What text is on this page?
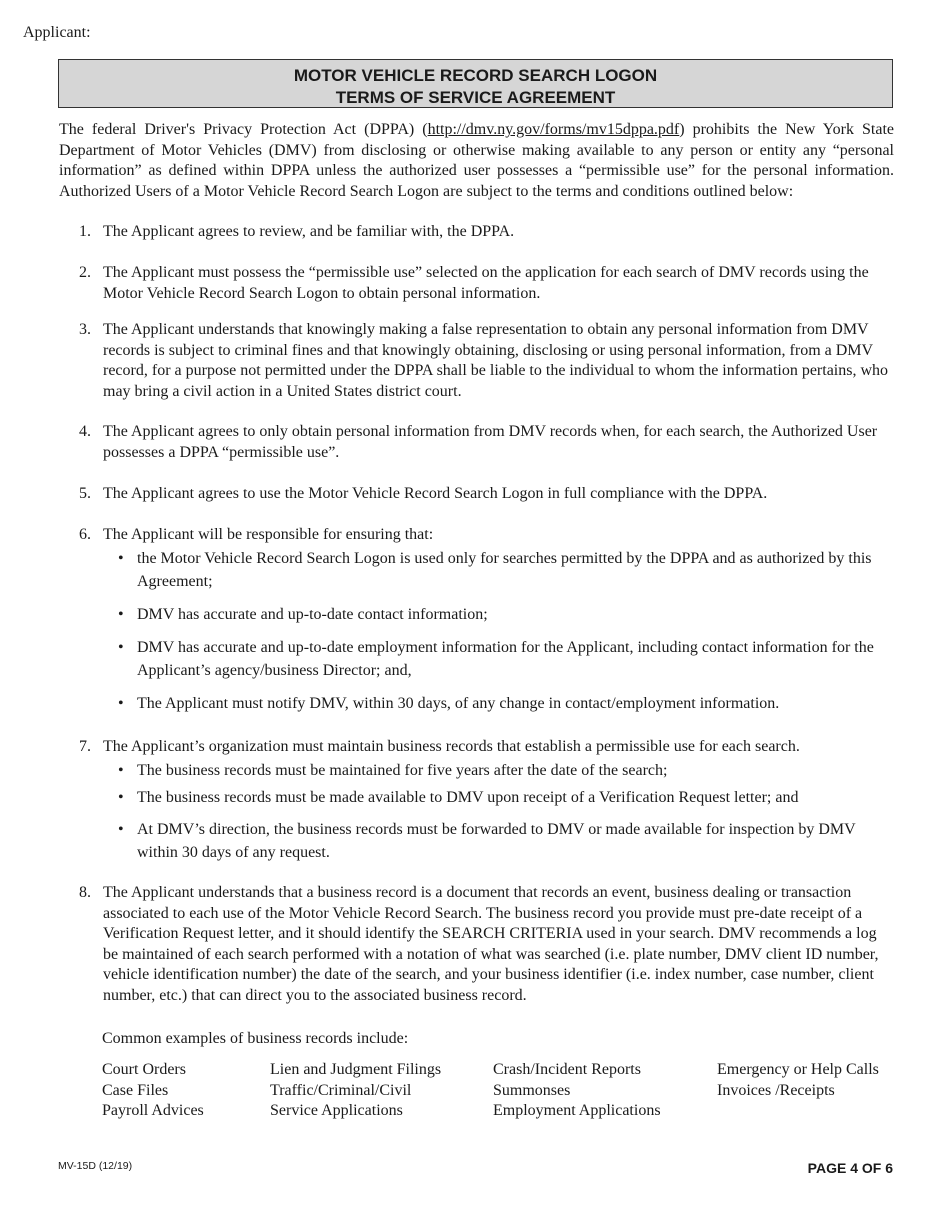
Applicant:
MOTOR VEHICLE RECORD SEARCH LOGON
TERMS OF SERVICE AGREEMENT

The federal Driver's Privacy Protection Act (DPPA) (http://dmv.ny.gov/forms/mv15dppa.pdf) prohibits the New York State Department of Motor Vehicles (DMV) from disclosing or otherwise making available to any person or entity any “personal information” as defined within DPPA unless the authorized user possesses a “permissible use” for the personal information. Authorized Users of a Motor Vehicle Record Search Logon are subject to the terms and conditions outlined below:

1. The Applicant agrees to review, and be familiar with, the DPPA.
2. The Applicant must possess the “permissible use” selected on the application for each search of DMV records using the Motor Vehicle Record Search Logon to obtain personal information.
3. The Applicant understands that knowingly making a false representation to obtain any personal information from DMV records is subject to criminal fines and that knowingly obtaining, disclosing or using personal information, from a DMV record, for a purpose not permitted under the DPPA shall be liable to the individual to whom the information pertains, who may bring a civil action in a United States district court.
4. The Applicant agrees to only obtain personal information from DMV records when, for each search, the Authorized User possesses a DPPA “permissible use”.
5. The Applicant agrees to use the Motor Vehicle Record Search Logon in full compliance with the DPPA.
6. The Applicant will be responsible for ensuring that:
• the Motor Vehicle Record Search Logon is used only for searches permitted by the DPPA and as authorized by this Agreement;
• DMV has accurate and up-to-date contact information;
• DMV has accurate and up-to-date employment information for the Applicant, including contact information for the Applicant’s agency/business Director; and,
• The Applicant must notify DMV, within 30 days, of any change in contact/employment information.
7. The Applicant’s organization must maintain business records that establish a permissible use for each search.
• The business records must be maintained for five years after the date of the search;
• The business records must be made available to DMV upon receipt of a Verification Request letter; and
• At DMV’s direction, the business records must be forwarded to DMV or made available for inspection by DMV within 30 days of any request.
8. The Applicant understands that a business record is a document that records an event, business dealing or transaction associated to each use of the Motor Vehicle Record Search. The business record you provide must pre-date receipt of a Verification Request letter, and it should identify the SEARCH CRITERIA used in your search. DMV recommends a log be maintained of each search performed with a notation of what was searched (i.e. plate number, DMV client ID number, vehicle identification number) the date of the search, and your business identifier (i.e. index number, case number, client number, etc.) that can direct you to the associated business record.
Common examples of business records include:
Court Orders
Case Files
Payroll Advices
Lien and Judgment Filings
Traffic/Criminal/Civil
Service Applications
Crash/Incident Reports
Summonses
Employment Applications
Emergency or Help Calls
Invoices /Receipts
MV-15D (12/19)	PAGE 4 OF 6
